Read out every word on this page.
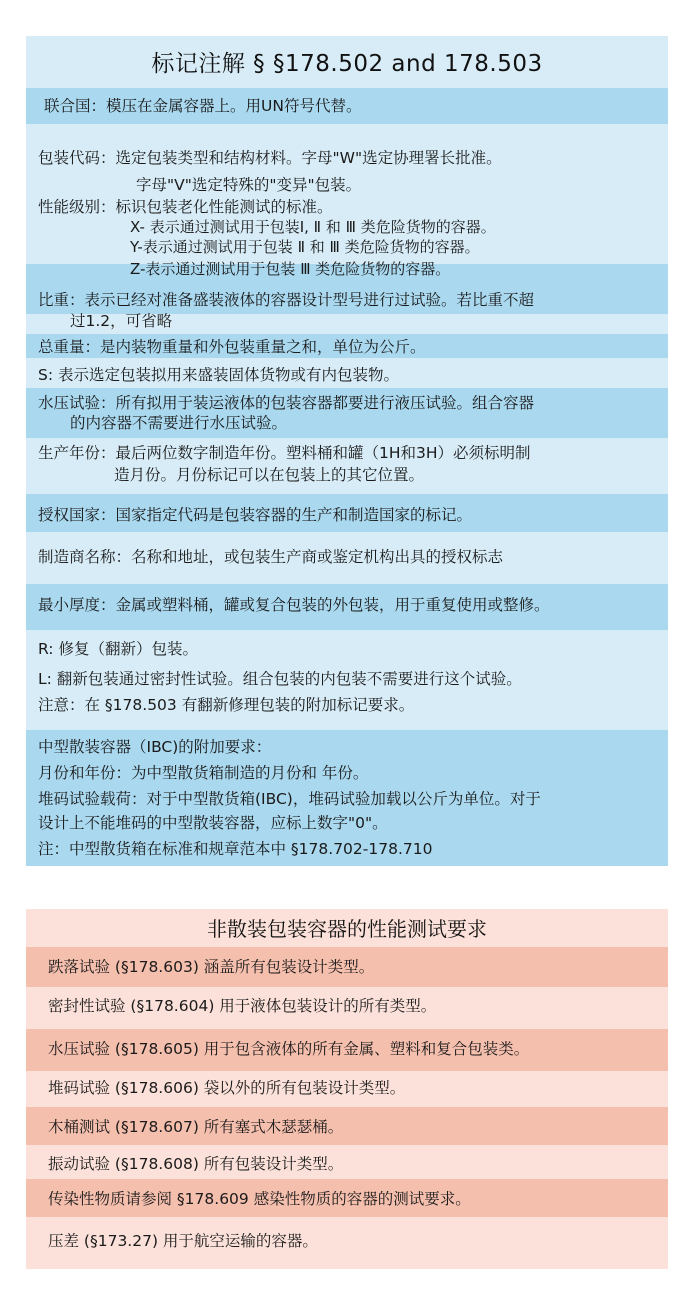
标记注解 § §178.502 and 178.503
联合国：模压在金属容器上。用UN符号代替。
包装代码：选定包装类型和结构材料。字母"W"选定协理署长批准。
字母"V"选定特殊的"变异"包装。
性能级别：标识包装老化性能测试的标准。
X- 表示通过测试用于包装Ⅰ, Ⅱ 和 Ⅲ 类危险货物的容器。
Y-表示通过测试用于包装 Ⅱ 和 Ⅲ 类危险货物的容器。
Z-表示通过测试用于包装 Ⅲ 类危险货物的容器。
比重：表示已经对准备盛装液体的容器设计型号进行过试验。若比重不超
过1.2，可省略
总重量：是内装物重量和外包装重量之和，单位为公斤。
S: 表示选定包装拟用来盛装固体货物或有内包装物。
水压试验：所有拟用于装运液体的包装容器都要进行液压试验。组合容器
的内容器不需要进行水压试验。
生产年份：最后两位数字制造年份。塑料桶和罐（1H和3H）必须标明制
造月份。月份标记可以在包装上的其它位置。
授权国家：国家指定代码是包装容器的生产和制造国家的标记。
制造商名称：名称和地址，或包装生产商或鉴定机构出具的授权标志
最小厚度：金属或塑料桶，罐或复合包装的外包装，用于重复使用或整修。
R: 修复（翻新）包装。
L: 翻新包装通过密封性试验。组合包装的内包装不需要进行这个试验。
注意：在 §178.503 有翻新修理包装的附加标记要求。
中型散装容器（IBC)的附加要求：
月份和年份：为中型散货箱制造的月份和 年份。
堆码试验载荷：对于中型散货箱(IBC)，堆码试验加载以公斤为单位。对于
设计上不能堆码的中型散装容器，应标上数字"0"。
注：中型散货箱在标准和规章范本中 §178.702-178.710
非散装包装容器的性能测试要求
跌落试验 (§178.603) 涵盖所有包装设计类型。
密封性试验 (§178.604) 用于液体包装设计的所有类型。
水压试验 (§178.605) 用于包含液体的所有金属、塑料和复合包装类。
堆码试验 (§178.606) 袋以外的所有包装设计类型。
木桶测试 (§178.607) 所有塞式木瑟瑟桶。
振动试验 (§178.608) 所有包装设计类型。
传染性物质请参阅 §178.609 感染性物质的容器的测试要求。
压差 (§173.27) 用于航空运输的容器。
